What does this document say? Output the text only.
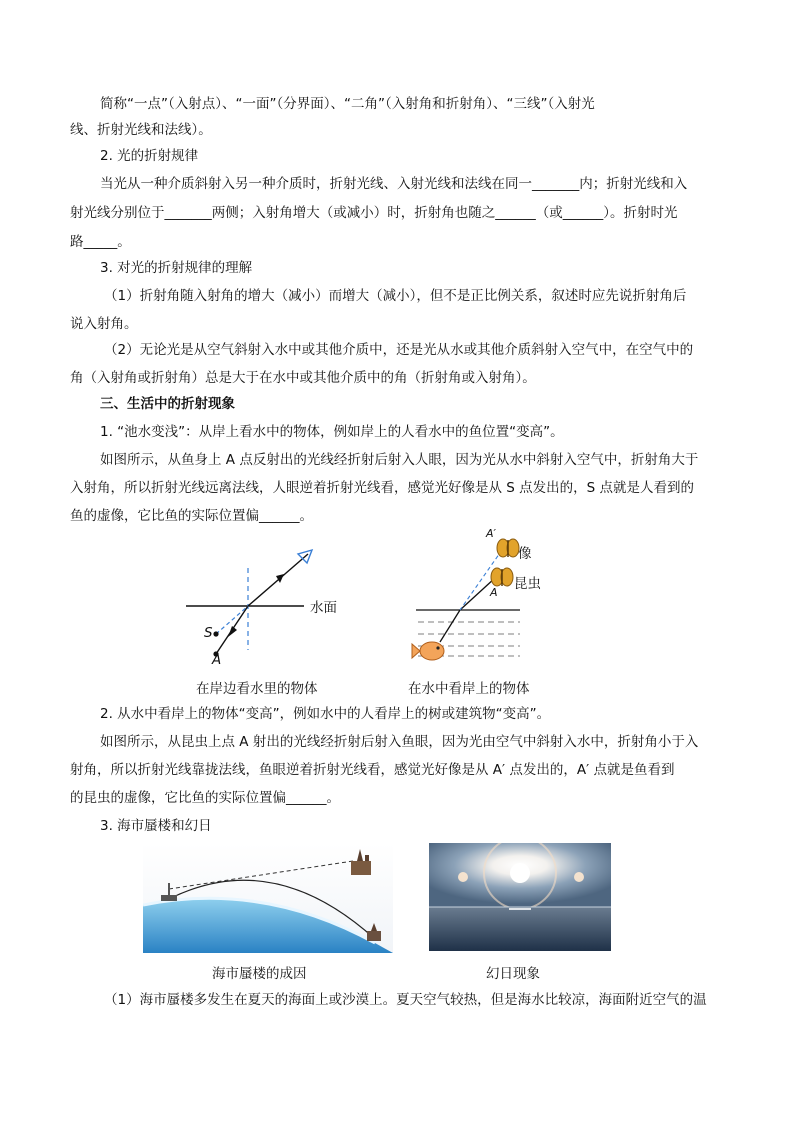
简称“一点”（入射点）、“一面”（分界面）、“二角”（入射角和折射角）、“三线”（入射光
线、折射光线和法线）。
2. 光的折射规律
当光从一种介质斜射入另一种介质时，折射光线、入射光线和法线在同一_______内；折射光线和入
射光线分别位于_______两侧；入射角增大（或减小）时，折射角也随之______（或______）。折射时光
路_____。
3. 对光的折射规律的理解
（1）折射角随入射角的增大（减小）而增大（减小），但不是正比例关系，叙述时应先说折射角后
说入射角。
（2）无论光是从空气斜射入水中或其他介质中，还是光从水或其他介质斜射入空气中，在空气中的
角（入射角或折射角）总是大于在水中或其他介质中的角（折射角或入射角）。
三、生活中的折射现象
1. “池水变浅”：从岸上看水中的物体，例如岸上的人看水中的鱼位置“变高”。
如图所示，从鱼身上 A 点反射出的光线经折射后射入人眼，因为光从水中斜射入空气中，折射角大于
入射角，所以折射光线远离法线，人眼逆着折射光线看，感觉光好像是从 S 点发出的，S 点就是人看到的
鱼的虚像，它比鱼的实际位置偏______。
水面
S
A
在岸边看水里的物体
A′
像
昆虫
A
在水中看岸上的物体
2. 从水中看岸上的物体“变高”，例如水中的人看岸上的树或建筑物“变高”。
如图所示，从昆虫上点 A 射出的光线经折射后射入鱼眼，因为光由空气中斜射入水中，折射角小于入
射角，所以折射光线靠拢法线，鱼眼逆着折射光线看，感觉光好像是从 A′ 点发出的，A′ 点就是鱼看到
的昆虫的虚像，它比鱼的实际位置偏______。
3. 海市蜃楼和幻日
海市蜃楼的成因	幻日现象
（1）海市蜃楼多发生在夏天的海面上或沙漠上。夏天空气较热，但是海水比较凉，海面附近空气的温
